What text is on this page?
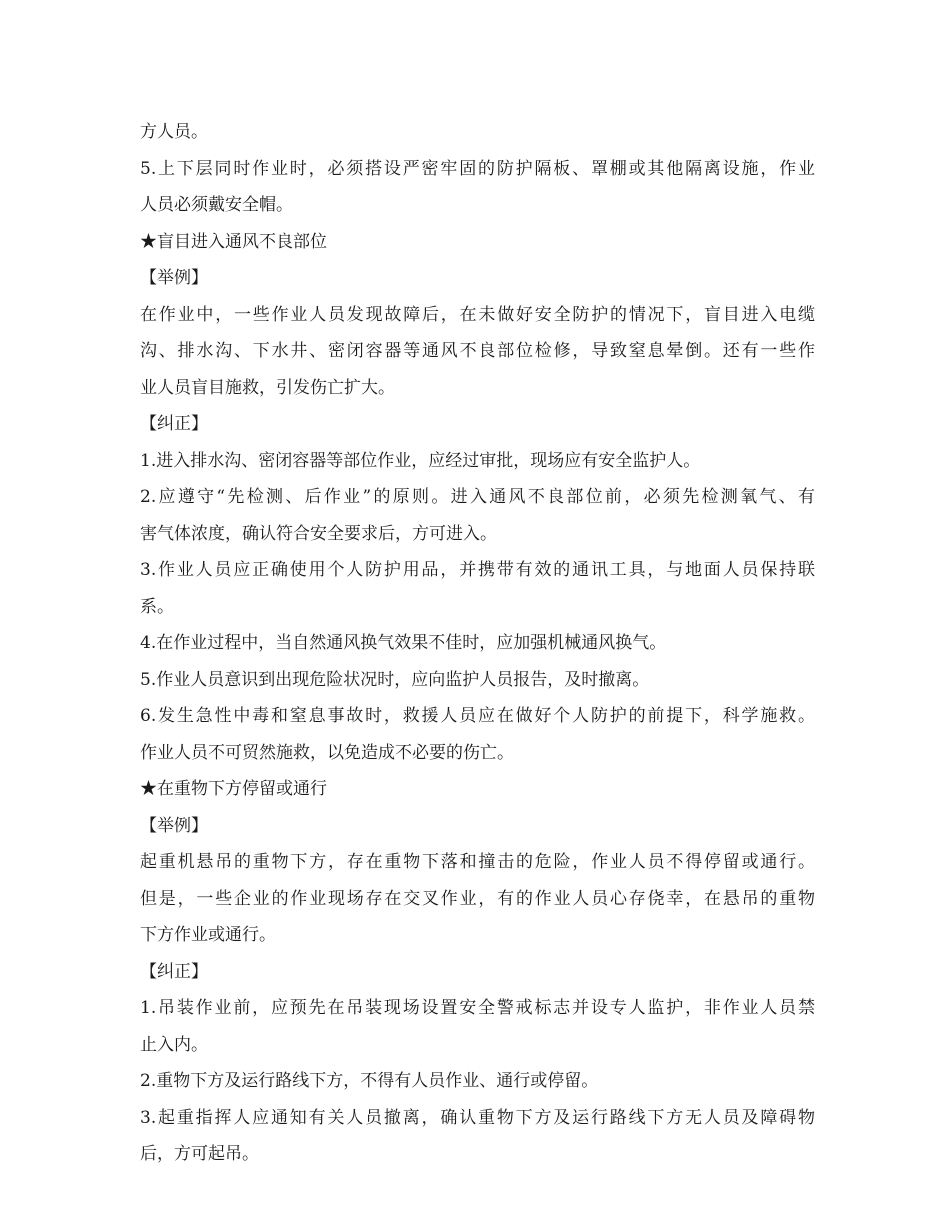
方人员。
5.上下层同时作业时，必须搭设严密牢固的防护隔板、罩棚或其他隔离设施，作业
人员必须戴安全帽。
★盲目进入通风不良部位
【举例】
在作业中，一些作业人员发现故障后，在未做好安全防护的情况下，盲目进入电缆
沟、排水沟、下水井、密闭容器等通风不良部位检修，导致窒息晕倒。还有一些作
业人员盲目施救，引发伤亡扩大。
【纠正】
1.进入排水沟、密闭容器等部位作业，应经过审批，现场应有安全监护人。
2.应遵守“先检测、后作业”的原则。进入通风不良部位前，必须先检测氧气、有
害气体浓度，确认符合安全要求后，方可进入。
3.作业人员应正确使用个人防护用品，并携带有效的通讯工具，与地面人员保持联
系。
4.在作业过程中，当自然通风换气效果不佳时，应加强机械通风换气。
5.作业人员意识到出现危险状况时，应向监护人员报告，及时撤离。
6.发生急性中毒和窒息事故时，救援人员应在做好个人防护的前提下，科学施救。
作业人员不可贸然施救，以免造成不必要的伤亡。
★在重物下方停留或通行
【举例】
起重机悬吊的重物下方，存在重物下落和撞击的危险，作业人员不得停留或通行。
但是，一些企业的作业现场存在交叉作业，有的作业人员心存侥幸，在悬吊的重物
下方作业或通行。
【纠正】
1.吊装作业前，应预先在吊装现场设置安全警戒标志并设专人监护，非作业人员禁
止入内。
2.重物下方及运行路线下方，不得有人员作业、通行或停留。
3.起重指挥人应通知有关人员撤离，确认重物下方及运行路线下方无人员及障碍物
后，方可起吊。
